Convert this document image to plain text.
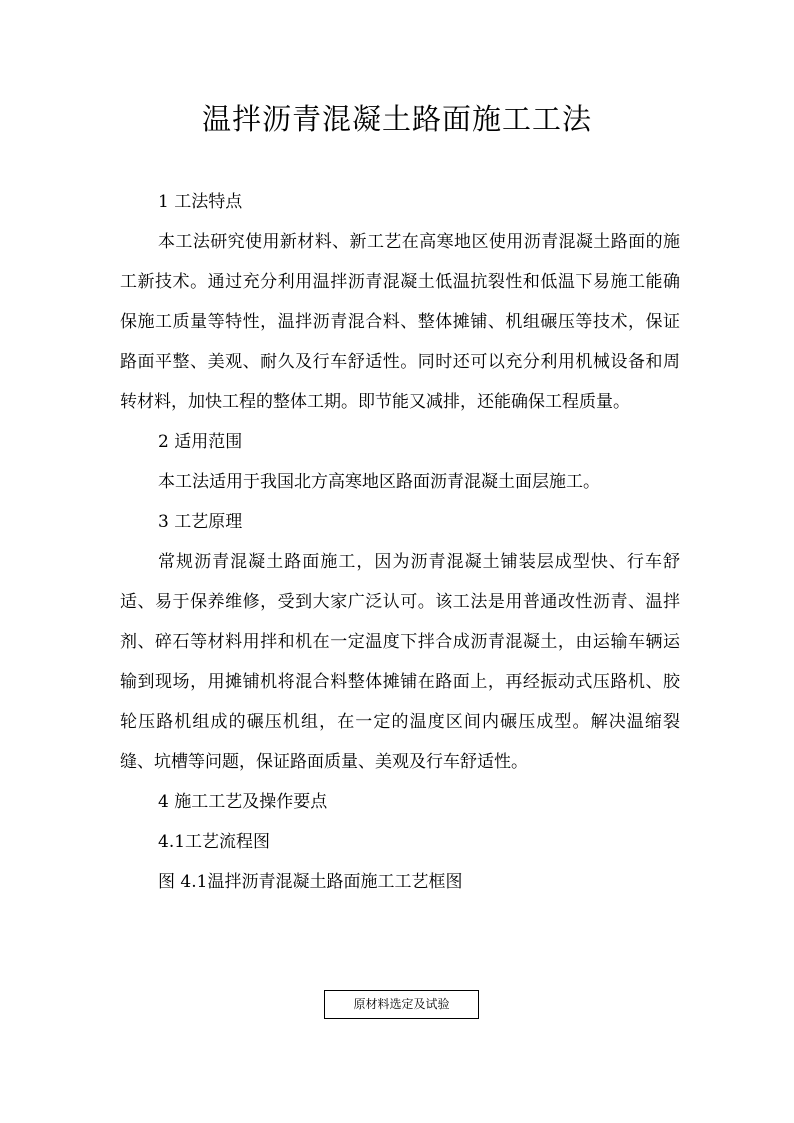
温拌沥青混凝土路面施工工法

1 工法特点

本工法研究使用新材料、新工艺在高寒地区使用沥青混凝土路面的施工新技术。通过充分利用温拌沥青混凝土低温抗裂性和低温下易施工能确保施工质量等特性，温拌沥青混合料、整体摊铺、机组碾压等技术，保证路面平整、美观、耐久及行车舒适性。同时还可以充分利用机械设备和周转材料，加快工程的整体工期。即节能又减排，还能确保工程质量。

2 适用范围

本工法适用于我国北方高寒地区路面沥青混凝土面层施工。

3 工艺原理

常规沥青混凝土路面施工，因为沥青混凝土铺装层成型快、行车舒适、易于保养维修，受到大家广泛认可。该工法是用普通改性沥青、温拌剂、碎石等材料用拌和机在一定温度下拌合成沥青混凝土，由运输车辆运输到现场，用摊铺机将混合料整体摊铺在路面上，再经振动式压路机、胶轮压路机组成的碾压机组，在一定的温度区间内碾压成型。解决温缩裂缝、坑槽等问题，保证路面质量、美观及行车舒适性。

4 施工工艺及操作要点

4.1工艺流程图

图 4.1温拌沥青混凝土路面施工工艺框图

原材料选定及试验
